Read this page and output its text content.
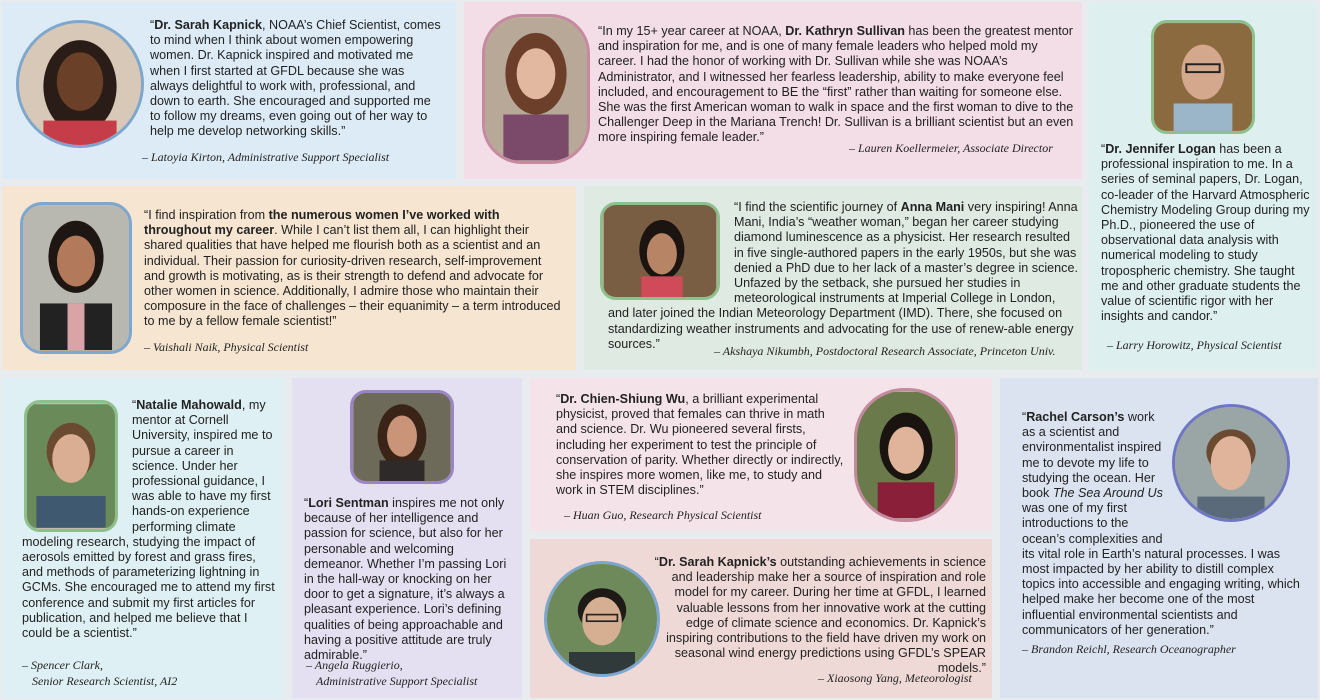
“Dr. Sarah Kapnick, NOAA’s Chief Scientist, comes to mind when I think about women empowering women. Dr. Kapnick inspired and motivated me when I first started at GFDL because she was always delightful to work with, professional, and down to earth. She encouraged and supported me to follow my dreams, even going out of her way to help me develop networking skills.”
– Latoyia Kirton, Administrative Support Specialist
“In my 15+ year career at NOAA, Dr. Kathryn Sullivan has been the greatest mentor and inspiration for me, and is one of many female leaders who helped mold my career. I had the honor of working with Dr. Sullivan while she was NOAA’s Administrator, and I witnessed her fearless leadership, ability to make everyone feel included, and encouragement to BE the “first” rather than waiting for someone else. She was the first American woman to walk in space and the first woman to dive to the Challenger Deep in the Mariana Trench! Dr. Sullivan is a brilliant scientist but an even more inspiring female leader.”
– Lauren Koellermeier, Associate Director	“Dr. Jennifer Logan has been a professional inspiration to me. In a series of seminal papers, Dr. Logan, co-leader of the Harvard Atmospheric Chemistry Modeling Group during my Ph.D., pioneered the use of observational data analysis with numerical modeling to study tropospheric chemistry. She taught me and other graduate students the value of scientific rigor with her insights and candor.”
– Larry Horowitz, Physical Scientist
“I find inspiration from the numerous women I’ve worked with throughout my career. While I can’t list them all, I can highlight their shared qualities that have helped me flourish both as a scientist and an individual. Their passion for curiosity-driven research, self-improvement and growth is motivating, as is their strength to defend and advocate for other women in science. Additionally, I admire those who maintain their composure in the face of challenges – their equanimity – a term introduced to me by a fellow female scientist!”
– Vaishali Naik, Physical Scientist
“I find the scientific journey of Anna Mani very inspiring! Anna Mani, India’s “weather woman,” began her career studying diamond luminescence as a physicist. Her research resulted in five single-authored papers in the early 1950s, but she was denied a PhD due to her lack of a master’s degree in science. Unfazed by the setback, she pursued her studies in meteorological instruments at Imperial College in London, and later joined the Indian Meteorology Department (IMD). There, she focused on standardizing weather instruments and advocating for the use of renew-able energy sources.”
– Akshaya Nikumbh, Postdoctoral Research Associate, Princeton Univ.
“Natalie Mahowald, my mentor at Cornell University, inspired me to pursue a career in science. Under her professional guidance, I was able to have my first hands-on experience performing climate modeling research, studying the impact of aerosols emitted by forest and grass fires, and methods of parameterizing lightning in GCMs. She encouraged me to attend my first conference and submit my first articles for publication, and helped me believe that I could be a scientist.”
– Spencer Clark,
Senior Research Scientist, AI2
“Lori Sentman inspires me not only because of her intelligence and passion for science, but also for her personable and welcoming demeanor. Whether I’m passing Lori in the hall-way or knocking on her door to get a signature, it’s always a pleasant experience. Lori’s defining qualities of being approachable and having a positive attitude are truly admirable.”
– Angela Ruggierio,
Administrative Support Specialist
“Dr. Chien-Shiung Wu, a brilliant experimental physicist, proved that females can thrive in math and science. Dr. Wu pioneered several firsts, including her experiment to test the principle of conservation of parity. Whether directly or indirectly, she inspires more women, like me, to study and work in STEM disciplines.”
– Huan Guo, Research Physical Scientist
“Dr. Sarah Kapnick’s outstanding achievements in science and leadership make her a source of inspiration and role model for my career. During her time at GFDL, I learned valuable lessons from her innovative work at the cutting edge of climate science and economics. Dr. Kapnick’s inspiring contributions to the field have driven my work on seasonal wind energy predictions using GFDL’s SPEAR models.”
– Xiaosong Yang, Meteorologist
“Rachel Carson’s work as a scientist and environmentalist inspired me to devote my life to studying the ocean. Her book The Sea Around Us was one of my first introductions to the ocean’s complexities and its vital role in Earth’s natural processes. I was most impacted by her ability to distill complex topics into accessible and engaging writing, which helped make her become one of the most influential environmental scientists and communicators of her generation.”
– Brandon Reichl, Research Oceanographer
